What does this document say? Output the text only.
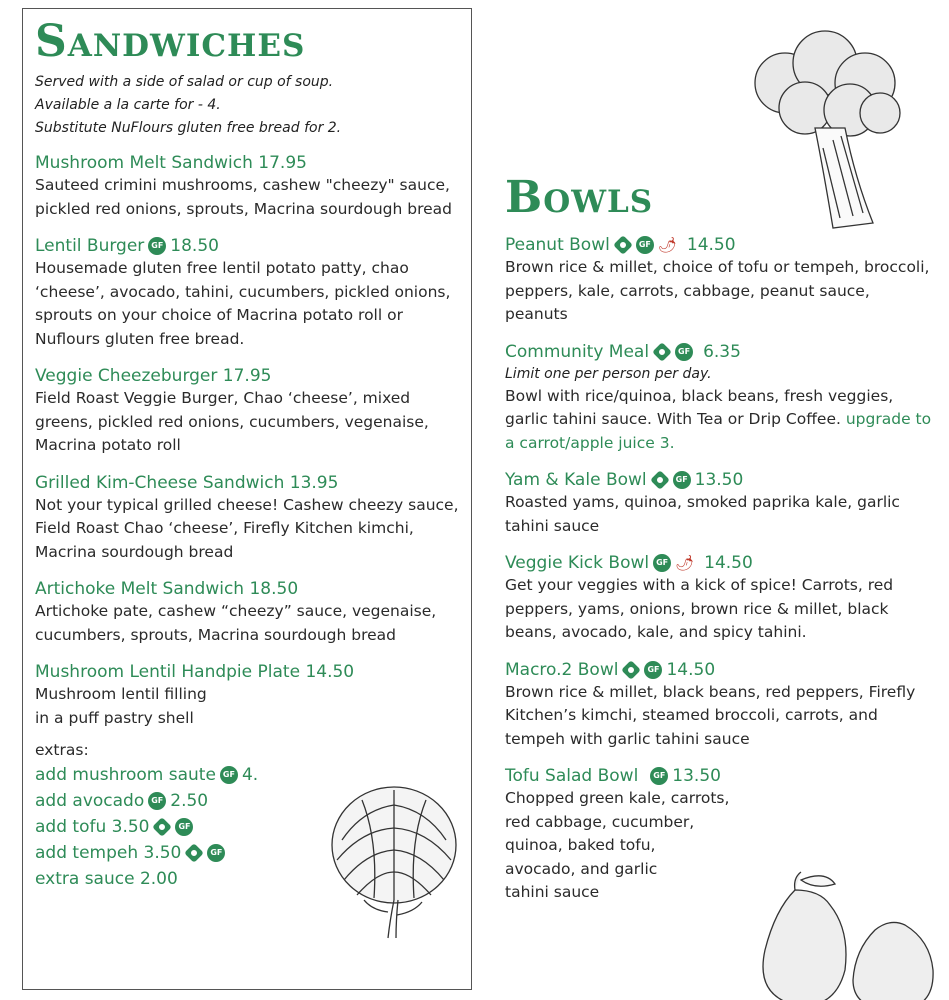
Sandwiches
Served with a side of salad or cup of soup.
Available a la carte for - 4.
Substitute NuFlours gluten free bread for 2.
Mushroom Melt Sandwich 17.95
Sauteed crimini mushrooms, cashew "cheezy" sauce, pickled red onions, sprouts, Macrina sourdough bread
Lentil Burger GF 18.50
Housemade gluten free lentil potato patty, chao ‘cheese’, avocado, tahini, cucumbers, pickled onions, sprouts on your choice of Macrina potato roll or Nuflours gluten free bread.
Veggie Cheezeburger 17.95
Field Roast Veggie Burger, Chao ‘cheese’, mixed greens, pickled red onions, cucumbers, vegenaise, Macrina potato roll
Grilled Kim-Cheese Sandwich 13.95
Not your typical grilled cheese! Cashew cheezy sauce, Field Roast Chao ‘cheese’, Firefly Kitchen kimchi, Macrina sourdough bread
Artichoke Melt Sandwich 18.50
Artichoke pate, cashew “cheezy” sauce, vegenaise, cucumbers, sprouts, Macrina sourdough bread
Mushroom Lentil Handpie Plate 14.50
Mushroom lentil filling
in a puff pastry shell
extras:
add mushroom saute GF 4.
add avocado GF 2.50
add tofu 3.50	GF
add tempeh 3.50	GF
extra sauce 2.00
Bowls
Peanut Bowl	GF 🌶 14.50
Brown rice & millet, choice of tofu or tempeh, broccoli, peppers, kale, carrots, cabbage, peanut sauce, peanuts
Community Meal	GF 6.35
Limit one per person per day.
Bowl with rice/quinoa, black beans, fresh veggies, garlic tahini sauce. With Tea or Drip Coffee. upgrade to a carrot/apple juice 3.
Yam & Kale Bowl	GF 13.50
Roasted yams, quinoa, smoked paprika kale, garlic tahini sauce
Veggie Kick Bowl GF 🌶 14.50
Get your veggies with a kick of spice! Carrots, red peppers, yams, onions, brown rice & millet, black beans, avocado, kale, and spicy tahini.
Macro.2 Bowl	GF 14.50
Brown rice & millet, black beans, red peppers, Firefly Kitchen’s kimchi, steamed broccoli, carrots, and tempeh with garlic tahini sauce
Tofu Salad Bowl	GF 13.50
Chopped green kale, carrots,
red cabbage, cucumber,
quinoa, baked tofu,
avocado, and garlic
tahini sauce
